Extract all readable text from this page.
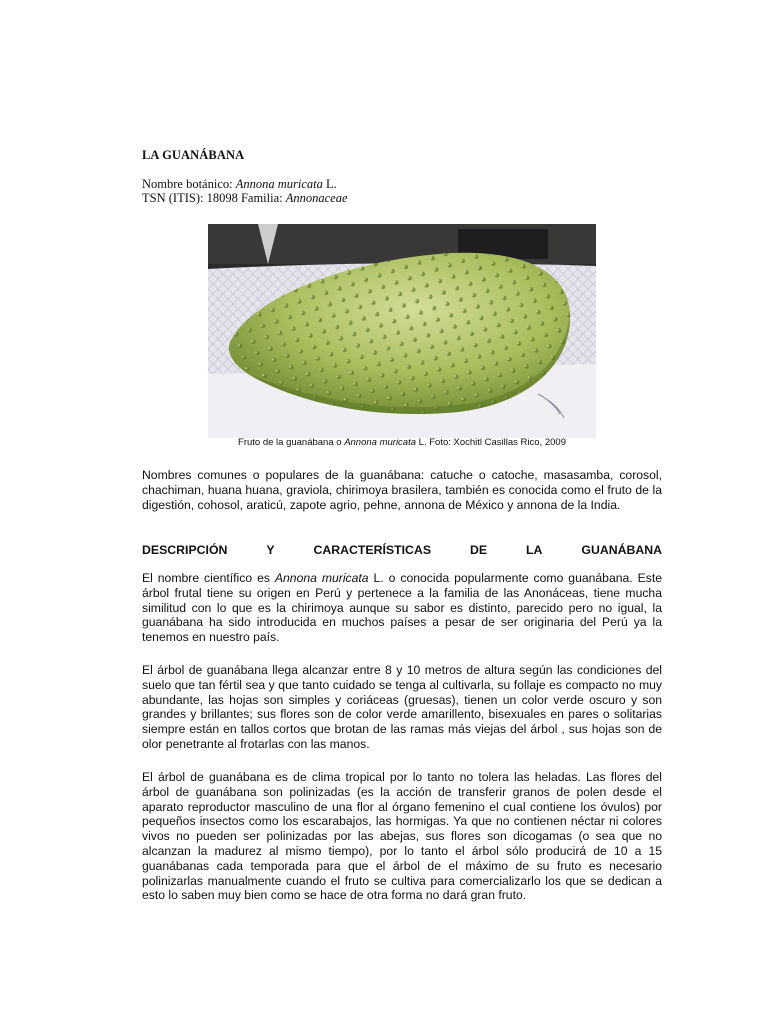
LA GUANÁBANA
Nombre botánico: Annona muricata L.
TSN (ITIS): 18098 Familia: Annonaceae
Fruto de la guanábana o Annona muricata L. Foto: Xochitl Casillas Rico, 2009
Nombres comunes o populares de la guanábana: catuche o catoche, masasamba, corosol, chachiman, huana huana, graviola, chirimoya brasilera, también es conocida como el fruto de la digestión, cohosol, araticú, zapote agrio, pehne, annona de México y annona de la India.
DESCRIPCIÓN	Y	CARACTERÍSTICAS	DE	LA	GUANÁBANA
El nombre científico es Annona muricata L. o conocida popularmente como guanábana. Este árbol frutal tiene su origen en Perú y pertenece a la familia de las Anonáceas, tiene mucha similitud con lo que es la chirimoya aunque su sabor es distinto, parecido pero no igual, la guanábana ha sido introducida en muchos países a pesar de ser originaria del Perú ya la tenemos en nuestro país.
El árbol de guanábana llega alcanzar entre 8 y 10 metros de altura según las condiciones del suelo que tan fértil sea y que tanto cuidado se tenga al cultivarla, su follaje es compacto no muy abundante, las hojas son simples y coriáceas (gruesas), tienen un color verde oscuro y son grandes y brillantes; sus flores son de color verde amarillento, bisexuales en pares o solitarias siempre están en tallos cortos que brotan de las ramas más viejas del árbol , sus hojas son de olor penetrante al frotarlas con las manos.
El árbol de guanábana es de clima tropical por lo tanto no tolera las heladas. Las flores del árbol de guanábana son polinizadas (es la acción de transferir granos de polen desde el aparato reproductor masculino de una flor al órgano femenino el cual contiene los óvulos) por pequeños insectos como los escarabajos, las hormigas. Ya que no contienen néctar ni colores vivos no pueden ser polinizadas por las abejas, sus flores son dicogamas (o sea que no alcanzan la madurez al mismo tiempo), por lo tanto el árbol sólo producirá de 10 a 15 guanábanas cada temporada para que el árbol de el máximo de su fruto es necesario polinizarlas manualmente cuando el fruto se cultiva para comercializarlo los que se dedican a esto lo saben muy bien como se hace de otra forma no dará gran fruto.
